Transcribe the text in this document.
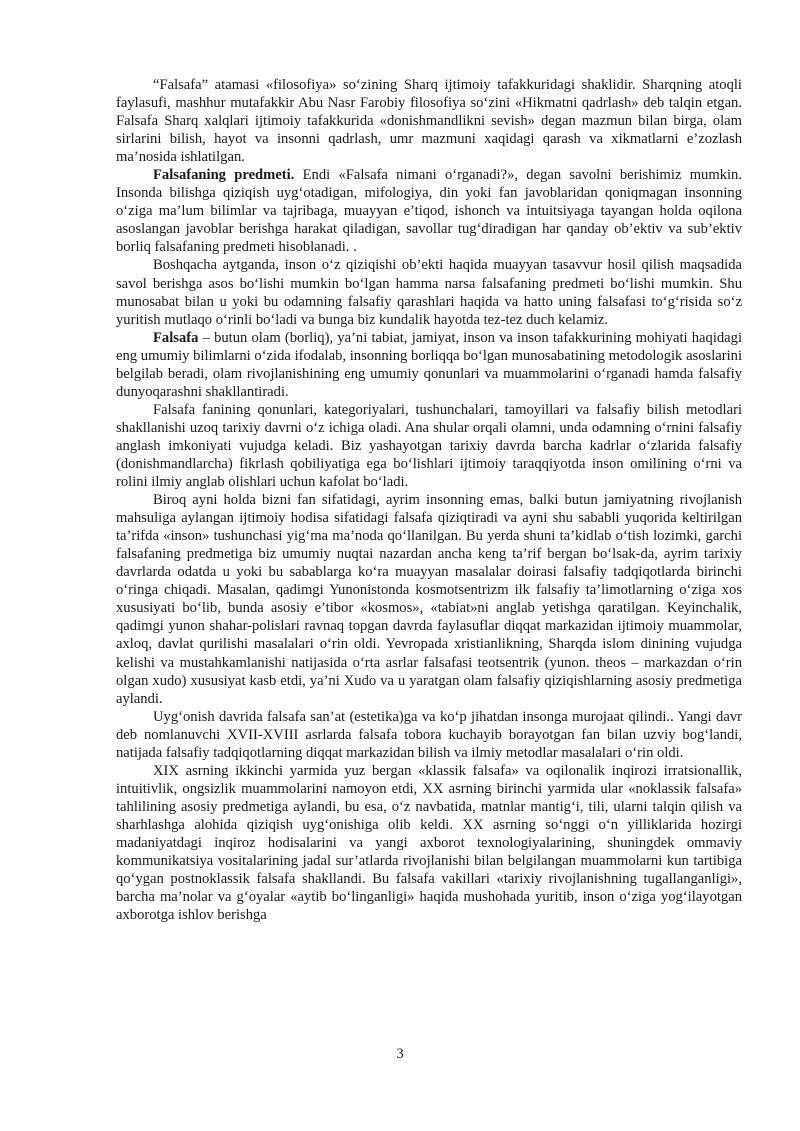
“Falsafa” atamasi «filosofiya» so‘zining Sharq ijtimoiy tafakkuridagi shaklidir. Sharqning atoqli faylasufi, mashhur mutafakkir Abu Nasr Farobiy filosofiya so‘zini «Hikmatni qadrlash» deb talqin etgan. Falsafa Sharq xalqlari ijtimoiy tafakkurida «donishmandlikni sevish» degan mazmun bilan birga, olam sirlarini bilish, hayot va insonni qadrlash, umr mazmuni xaqidagi qarash va xikmatlarni e’zozlash ma’nosida ishlatilgan.

Falsafaning predmeti. Endi «Falsafa nimani o‘rganadi?», degan savolni berishimiz mumkin. Insonda bilishga qiziqish uyg‘otadigan, mifologiya, din yoki fan javoblaridan qoniqmagan insonning o‘ziga ma’lum bilimlar va tajribaga, muayyan e’tiqod, ishonch va intuitsiyaga tayangan holda oqilona asoslangan javoblar berishga harakat qiladigan, savollar tug‘diradigan har qanday ob’ektiv va sub’ektiv borliq falsafaning predmeti hisoblanadi. .

Boshqacha aytganda, inson o‘z qiziqishi ob’ekti haqida muayyan tasavvur hosil qilish maqsadida savol berishga asos bo‘lishi mumkin bo‘lgan hamma narsa falsafaning predmeti bo‘lishi mumkin. Shu munosabat bilan u yoki bu odamning falsafiy qarashlari haqida va hatto uning falsafasi to‘g‘risida so‘z yuritish mutlaqo o‘rinli bo‘ladi va bunga biz kundalik hayotda tez-tez duch kelamiz.

Falsafa – butun olam (borliq), ya’ni tabiat, jamiyat, inson va inson tafakkurining mohiyati haqidagi eng umumiy bilimlarni o‘zida ifodalab, insonning borliqqa bo‘lgan munosabatining metodologik asoslarini belgilab beradi, olam rivojlanishining eng umumiy qonunlari va muammolarini o‘rganadi hamda falsafiy dunyoqarashni shakllantiradi.

Falsafa fanining qonunlari, kategoriyalari, tushunchalari, tamoyillari va falsafiy bilish metodlari shakllanishi uzoq tarixiy davrni o‘z ichiga oladi. Ana shular orqali olamni, unda odamning o‘rnini falsafiy anglash imkoniyati vujudga keladi. Biz yashayotgan tarixiy davrda barcha kadrlar o‘zlarida falsafiy (donishmandlarcha) fikrlash qobiliyatiga ega bo‘lishlari ijtimoiy taraqqiyotda inson omilining o‘rni va rolini ilmiy anglab olishlari uchun kafolat bo‘ladi.

Biroq ayni holda bizni fan sifatidagi, ayrim insonning emas, balki butun jamiyatning rivojlanish mahsuliga aylangan ijtimoiy hodisa sifatidagi falsafa qiziqtiradi va ayni shu sababli yuqorida keltirilgan ta’rifda «inson» tushunchasi yig‘ma ma’noda qo‘llanilgan. Bu yerda shuni ta’kidlab o‘tish lozimki, garchi falsafaning predmetiga biz umumiy nuqtai nazardan ancha keng ta’rif bergan bo‘lsak-da, ayrim tarixiy davrlarda odatda u yoki bu sabablarga ko‘ra muayyan masalalar doirasi falsafiy tadqiqotlarda birinchi o‘ringa chiqadi. Masalan, qadimgi Yunonistonda kosmotsentrizm ilk falsafiy ta’limotlarning o‘ziga xos xususiyati bo‘lib, bunda asosiy e’tibor «kosmos», «tabiat»ni anglab yetishga qaratilgan. Keyinchalik, qadimgi yunon shahar-polislari ravnaq topgan davrda faylasuflar diqqat markazidan ijtimoiy muammolar, axloq, davlat qurilishi masalalari o‘rin oldi. Yevropada xristianlikning, Sharqda islom dinining vujudga kelishi va mustahkamlanishi natijasida o‘rta asrlar falsafasi teotsentrik (yunon. theos – markazdan o‘rin olgan xudo) xususiyat kasb etdi, ya’ni Xudo va u yaratgan olam falsafiy qiziqishlarning asosiy predmetiga aylandi.

Uyg‘onish davrida falsafa san’at (estetika)ga va ko‘p jihatdan insonga murojaat qilindi.. Yangi davr deb nomlanuvchi XVII-XVIII asrlarda falsafa tobora kuchayib borayotgan fan bilan uzviy bog‘landi, natijada falsafiy tadqiqotlarning diqqat markazidan bilish va ilmiy metodlar masalalari o‘rin oldi.

XIX asrning ikkinchi yarmida yuz bergan «klassik falsafa» va oqilonalik inqirozi irratsionallik, intuitivlik, ongsizlik muammolarini namoyon etdi, XX asrning birinchi yarmida ular «noklassik falsafa» tahlilining asosiy predmetiga aylandi, bu esa, o‘z navbatida, matnlar mantig‘i, tili, ularni talqin qilish va sharhlashga alohida qiziqish uyg‘onishiga olib keldi. XX asrning so‘nggi o‘n yilliklarida hozirgi madaniyatdagi inqiroz hodisalarini va yangi axborot texnologiyalarining, shuningdek ommaviy kommunikatsiya vositalarining jadal sur’atlarda rivojlanishi bilan belgilangan muammolarni kun tartibiga qo‘ygan postnoklassik falsafa shakllandi. Bu falsafa vakillari «tarixiy rivojlanishning tugallanganligi», barcha ma’nolar va g‘oyalar «aytib bo‘linganligi» haqida mushohada yuritib, inson o‘ziga yog‘ilayotgan axborotga ishlov berishga

3
